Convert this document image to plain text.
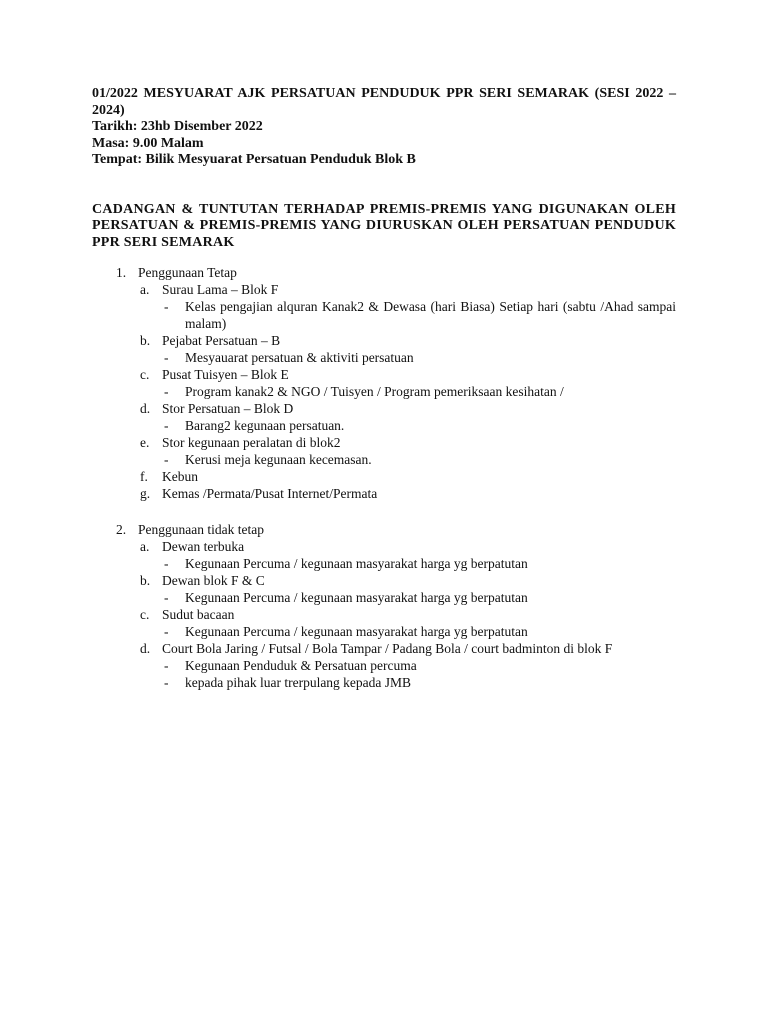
01/2022 MESYUARAT AJK PERSATUAN PENDUDUK PPR SERI SEMARAK (SESI 2022 – 2024)
Tarikh: 23hb Disember 2022
Masa: 9.00 Malam
Tempat: Bilik Mesyuarat Persatuan Penduduk Blok B
CADANGAN & TUNTUTAN TERHADAP PREMIS-PREMIS YANG DIGUNAKAN OLEH PERSATUAN & PREMIS-PREMIS YANG DIURUSKAN OLEH PERSATUAN PENDUDUK PPR SERI SEMARAK
1. Penggunaan Tetap
a. Surau Lama – Blok F
- Kelas pengajian alquran Kanak2 & Dewasa (hari Biasa) Setiap hari (sabtu /Ahad sampai malam)
b. Pejabat Persatuan – B
- Mesyauarat persatuan & aktiviti persatuan
c. Pusat Tuisyen – Blok E
- Program kanak2 & NGO / Tuisyen / Program pemeriksaan kesihatan /
d. Stor Persatuan – Blok D
- Barang2 kegunaan persatuan.
e. Stor kegunaan peralatan di blok2
- Kerusi meja kegunaan kecemasan.
f. Kebun
g. Kemas /Permata/Pusat Internet/Permata
2. Penggunaan tidak tetap
a. Dewan terbuka
- Kegunaan Percuma / kegunaan masyarakat harga yg berpatutan
b. Dewan blok F & C
- Kegunaan Percuma / kegunaan masyarakat harga yg berpatutan
c. Sudut bacaan
- Kegunaan Percuma / kegunaan masyarakat harga yg berpatutan
d. Court Bola Jaring / Futsal / Bola Tampar / Padang Bola / court badminton di blok F
- Kegunaan Penduduk & Persatuan percuma
- kepada pihak luar trerpulang kepada JMB
